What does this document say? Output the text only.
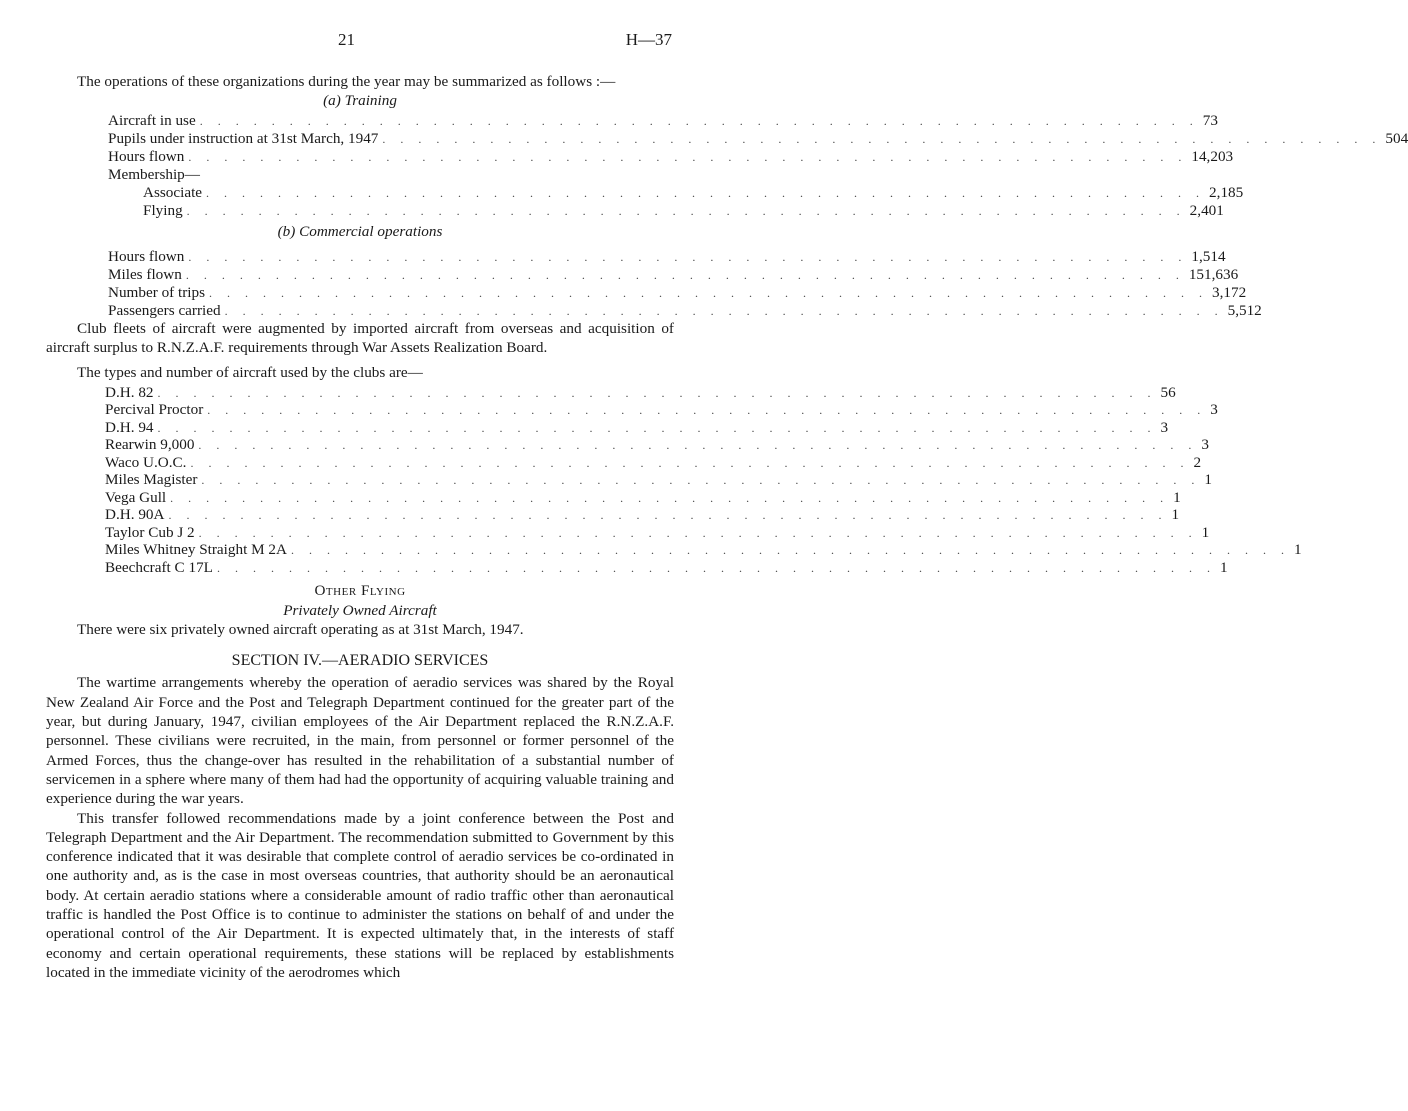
21	H—37

The operations of these organizations during the year may be summarized as follows :—

(a) Training
Aircraft in use . . . . . . . . . . . . . . . . . . . . . . . . . . . . . . . . . . . . . . . . . . . . . . . . . . . . . . . . 73
Pupils under instruction at 31st March, 1947 . . . . . . . . . . . . . . . . . . . . . . . . . . . . . . . . . . . . . . . . . . . . . . . . . . . . . . . . 504
Hours flown . . . . . . . . . . . . . . . . . . . . . . . . . . . . . . . . . . . . . . . . . . . . . . . . . . . . . . . . 14,203
Membership—
Associate . . . . . . . . . . . . . . . . . . . . . . . . . . . . . . . . . . . . . . . . . . . . . . . . . . . . . . . . 2,185
Flying . . . . . . . . . . . . . . . . . . . . . . . . . . . . . . . . . . . . . . . . . . . . . . . . . . . . . . . . 2,401
(b) Commercial operations
Hours flown . . . . . . . . . . . . . . . . . . . . . . . . . . . . . . . . . . . . . . . . . . . . . . . . . . . . . . . . 1,514
Miles flown . . . . . . . . . . . . . . . . . . . . . . . . . . . . . . . . . . . . . . . . . . . . . . . . . . . . . . . . 151,636
Number of trips . . . . . . . . . . . . . . . . . . . . . . . . . . . . . . . . . . . . . . . . . . . . . . . . . . . . . . . . 3,172
Passengers carried . . . . . . . . . . . . . . . . . . . . . . . . . . . . . . . . . . . . . . . . . . . . . . . . . . . . . . . . 5,512

Club fleets of aircraft were augmented by imported aircraft from overseas and acquisition of aircraft surplus to R.N.Z.A.F. requirements through War Assets Realization Board.

The types and number of aircraft used by the clubs are—

D.H. 82 . . . . . . . . . . . . . . . . . . . . . . . . . . . . . . . . . . . . . . . . . . . . . . . . . . . . . . . . 56
Percival Proctor . . . . . . . . . . . . . . . . . . . . . . . . . . . . . . . . . . . . . . . . . . . . . . . . . . . . . . . . 3
D.H. 94 . . . . . . . . . . . . . . . . . . . . . . . . . . . . . . . . . . . . . . . . . . . . . . . . . . . . . . . . 3
Rearwin 9,000 . . . . . . . . . . . . . . . . . . . . . . . . . . . . . . . . . . . . . . . . . . . . . . . . . . . . . . . . 3
Waco U.O.C. . . . . . . . . . . . . . . . . . . . . . . . . . . . . . . . . . . . . . . . . . . . . . . . . . . . . . . . . 2
Miles Magister . . . . . . . . . . . . . . . . . . . . . . . . . . . . . . . . . . . . . . . . . . . . . . . . . . . . . . . . 1
Vega Gull . . . . . . . . . . . . . . . . . . . . . . . . . . . . . . . . . . . . . . . . . . . . . . . . . . . . . . . . 1
D.H. 90A . . . . . . . . . . . . . . . . . . . . . . . . . . . . . . . . . . . . . . . . . . . . . . . . . . . . . . . . 1
Taylor Cub J 2 . . . . . . . . . . . . . . . . . . . . . . . . . . . . . . . . . . . . . . . . . . . . . . . . . . . . . . . . 1
Miles Whitney Straight M 2A . . . . . . . . . . . . . . . . . . . . . . . . . . . . . . . . . . . . . . . . . . . . . . . . . . . . . . . . 1
Beechcraft C 17L . . . . . . . . . . . . . . . . . . . . . . . . . . . . . . . . . . . . . . . . . . . . . . . . . . . . . . . . 1
Other Flying
Privately Owned Aircraft

There were six privately owned aircraft operating as at 31st March, 1947.

SECTION IV.—AERADIO SERVICES

The wartime arrangements whereby the operation of aeradio services was shared by the Royal New Zealand Air Force and the Post and Telegraph Department continued for the greater part of the year, but during January, 1947, civilian employees of the Air Department replaced the R.N.Z.A.F. personnel. These civilians were recruited, in the main, from personnel or former personnel of the Armed Forces, thus the change-over has resulted in the rehabilitation of a substantial number of servicemen in a sphere where many of them had had the opportunity of acquiring valuable training and experience during the war years.

This transfer followed recommendations made by a joint conference between the Post and Telegraph Department and the Air Department. The recommendation submitted to Government by this conference indicated that it was desirable that complete control of aeradio services be co-ordinated in one authority and, as is the case in most overseas countries, that authority should be an aeronautical body. At certain aeradio stations where a considerable amount of radio traffic other than aeronautical traffic is handled the Post Office is to continue to administer the stations on behalf of and under the operational control of the Air Department. It is expected ultimately that, in the interests of staff economy and certain operational requirements, these stations will be replaced by establishments located in the immediate vicinity of the aerodromes which
